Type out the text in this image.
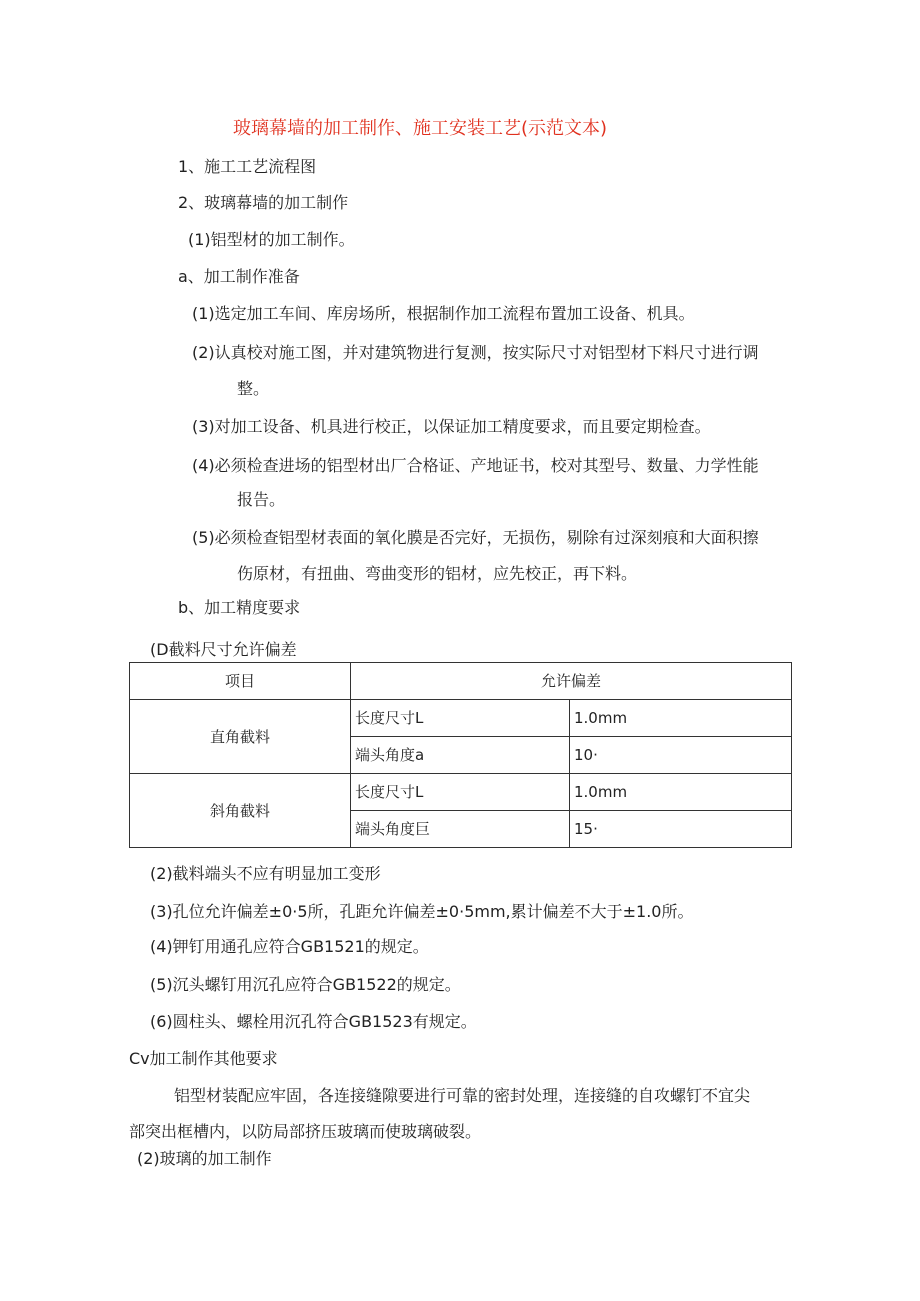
玻璃幕墙的加工制作、施工安装工艺(示范文本)
1、施工工艺流程图
2、玻璃幕墙的加工制作
(1)铝型材的加工制作。
a、加工制作准备
(1)选定加工车间、库房场所，根据制作加工流程布置加工设备、机具。
(2)认真校对施工图，并对建筑物进行复测，按实际尺寸对铝型材下料尺寸进行调
整。
(3)对加工设备、机具进行校正，以保证加工精度要求，而且要定期检查。
(4)必须检查进场的铝型材出厂合格证、产地证书，校对其型号、数量、力学性能
报告。
(5)必须检查铝型材表面的氧化膜是否完好，无损伤，剔除有过深刻痕和大面积擦
伤原材，有扭曲、弯曲变形的铝材，应先校正，再下料。
b、加工精度要求
(D截料尺寸允许偏差
项目	允许偏差	
直角截料	长度尺寸L	1.0mm
	端头角度a	10·
斜角截料	长度尺寸L	1.0mm
	端头角度巨	15·
(2)截料端头不应有明显加工变形
(3)孔位允许偏差±0·5所，孔距允许偏差±0·5mm,累计偏差不大于±1.0所。
(4)钾钉用通孔应符合GB1521的规定。
(5)沉头螺钉用沉孔应符合GB1522的规定。
(6)圆柱头、螺栓用沉孔符合GB1523有规定。
Cv加工制作其他要求
铝型材装配应牢固，各连接缝隙要进行可靠的密封处理，连接缝的自攻螺钉不宜尖
部突出框槽内，以防局部挤压玻璃而使玻璃破裂。
(2)玻璃的加工制作
